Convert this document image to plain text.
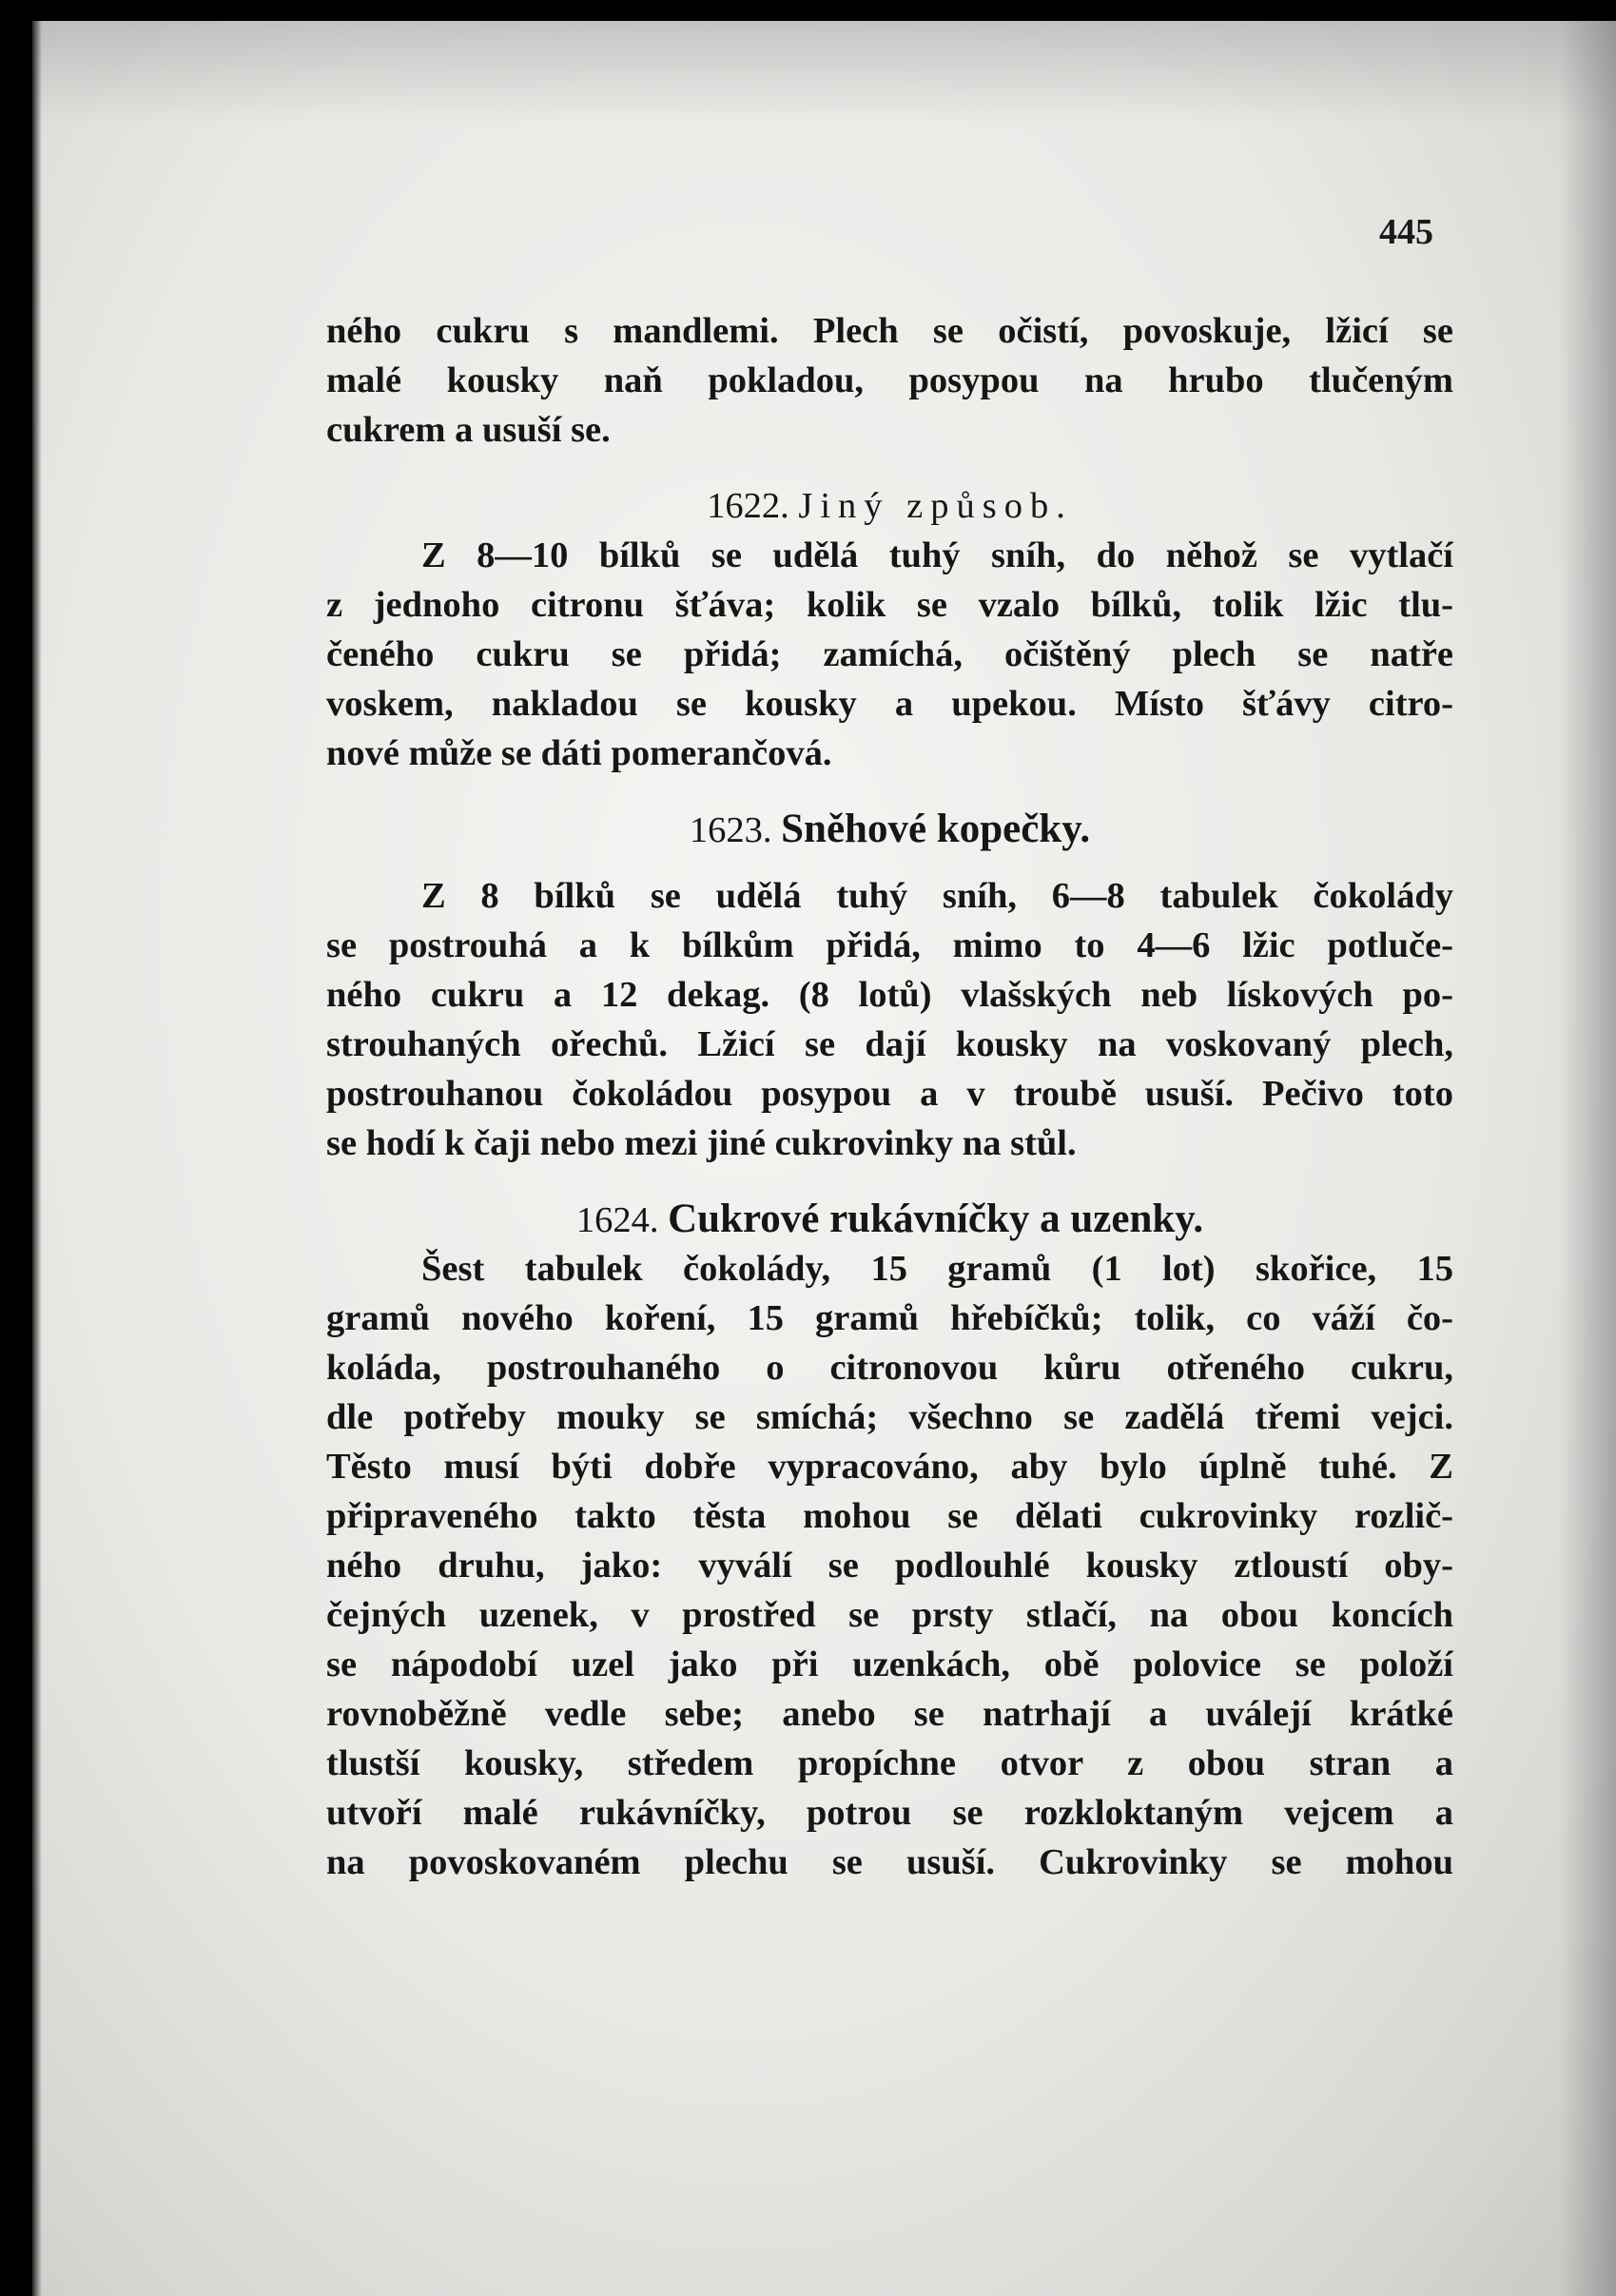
445
ného cukru s mandlemi. Plech se očistí, povoskuje, lžicí se
malé kousky naň pokladou, posypou na hrubo tlučeným
cukrem a usuší se.
1622. Jiný způsob.
Z 8—10 bílků se udělá tuhý sníh, do něhož se vytlačí
z jednoho citronu šťáva; kolik se vzalo bílků, tolik lžic tlu-
čeného cukru se přidá; zamíchá, očištěný plech se natře
voskem, nakladou se kousky a upekou. Místo šťávy citro-
nové může se dáti pomerančová.
1623. Sněhové kopečky.
Z 8 bílků se udělá tuhý sníh, 6—8 tabulek čokolády
se postrouhá a k bílkům přidá, mimo to 4—6 lžic potluče-
ného cukru a 12 dekag. (8 lotů) vlašských neb lískových po-
strouhaných ořechů. Lžicí se dají kousky na voskovaný plech,
postrouhanou čokoládou posypou a v troubě usuší. Pečivo toto
se hodí k čaji nebo mezi jiné cukrovinky na stůl.
1624. Cukrové rukávníčky a uzenky.
Šest tabulek čokolády, 15 gramů (1 lot) skořice, 15
gramů nového koření, 15 gramů hřebíčků; tolik, co váží čo-
koláda, postrouhaného o citronovou kůru otřeného cukru,
dle potřeby mouky se smíchá; všechno se zadělá třemi vejci.
Těsto musí býti dobře vypracováno, aby bylo úplně tuhé. Z
připraveného takto těsta mohou se dělati cukrovinky rozlič-
ného druhu, jako: vyválí se podlouhlé kousky ztloustí oby-
čejných uzenek, v prostřed se prsty stlačí, na obou koncích
se nápodobí uzel jako při uzenkách, obě polovice se položí
rovnoběžně vedle sebe; anebo se natrhají a uválejí krátké
tlustší kousky, středem propíchne otvor z obou stran a
utvoří malé rukávníčky, potrou se rozkloktaným vejcem a
na povoskovaném plechu se usuší. Cukrovinky se mohou
